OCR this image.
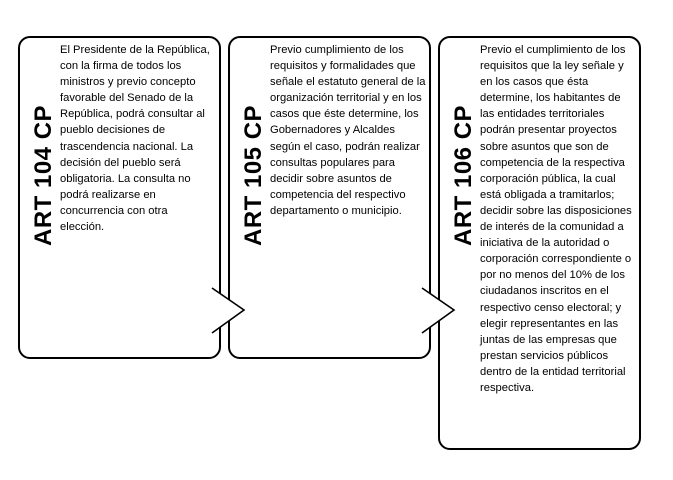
ART 104 CP

El Presidente de la República, con la firma de todos los ministros y previo concepto favorable del Senado de la República, podrá consultar al pueblo decisiones de trascendencia nacional. La decisión del pueblo será obligatoria. La consulta no podrá realizarse en concurrencia con otra elección.	ART 105 CP

Previo cumplimiento de los requisitos y formalidades que señale el estatuto general de la organización territorial y en los casos que éste determine, los Gobernadores y Alcaldes según el caso, podrán realizar consultas populares para decidir sobre asuntos de competencia del respectivo departamento o municipio.	ART 106 CP

Previo el cumplimiento de los requisitos que la ley señale y en los casos que ésta determine, los habitantes de las entidades territoriales podrán presentar proyectos sobre asuntos que son de competencia de la respectiva corporación pública, la cual está obligada a tramitarlos; decidir sobre las disposiciones de interés de la comunidad a iniciativa de la autoridad o corporación correspondiente o por no menos del 10% de los ciudadanos inscritos en el respectivo censo electoral; y elegir representantes en las juntas de las empresas que prestan servicios públicos dentro de la entidad territorial respectiva.
